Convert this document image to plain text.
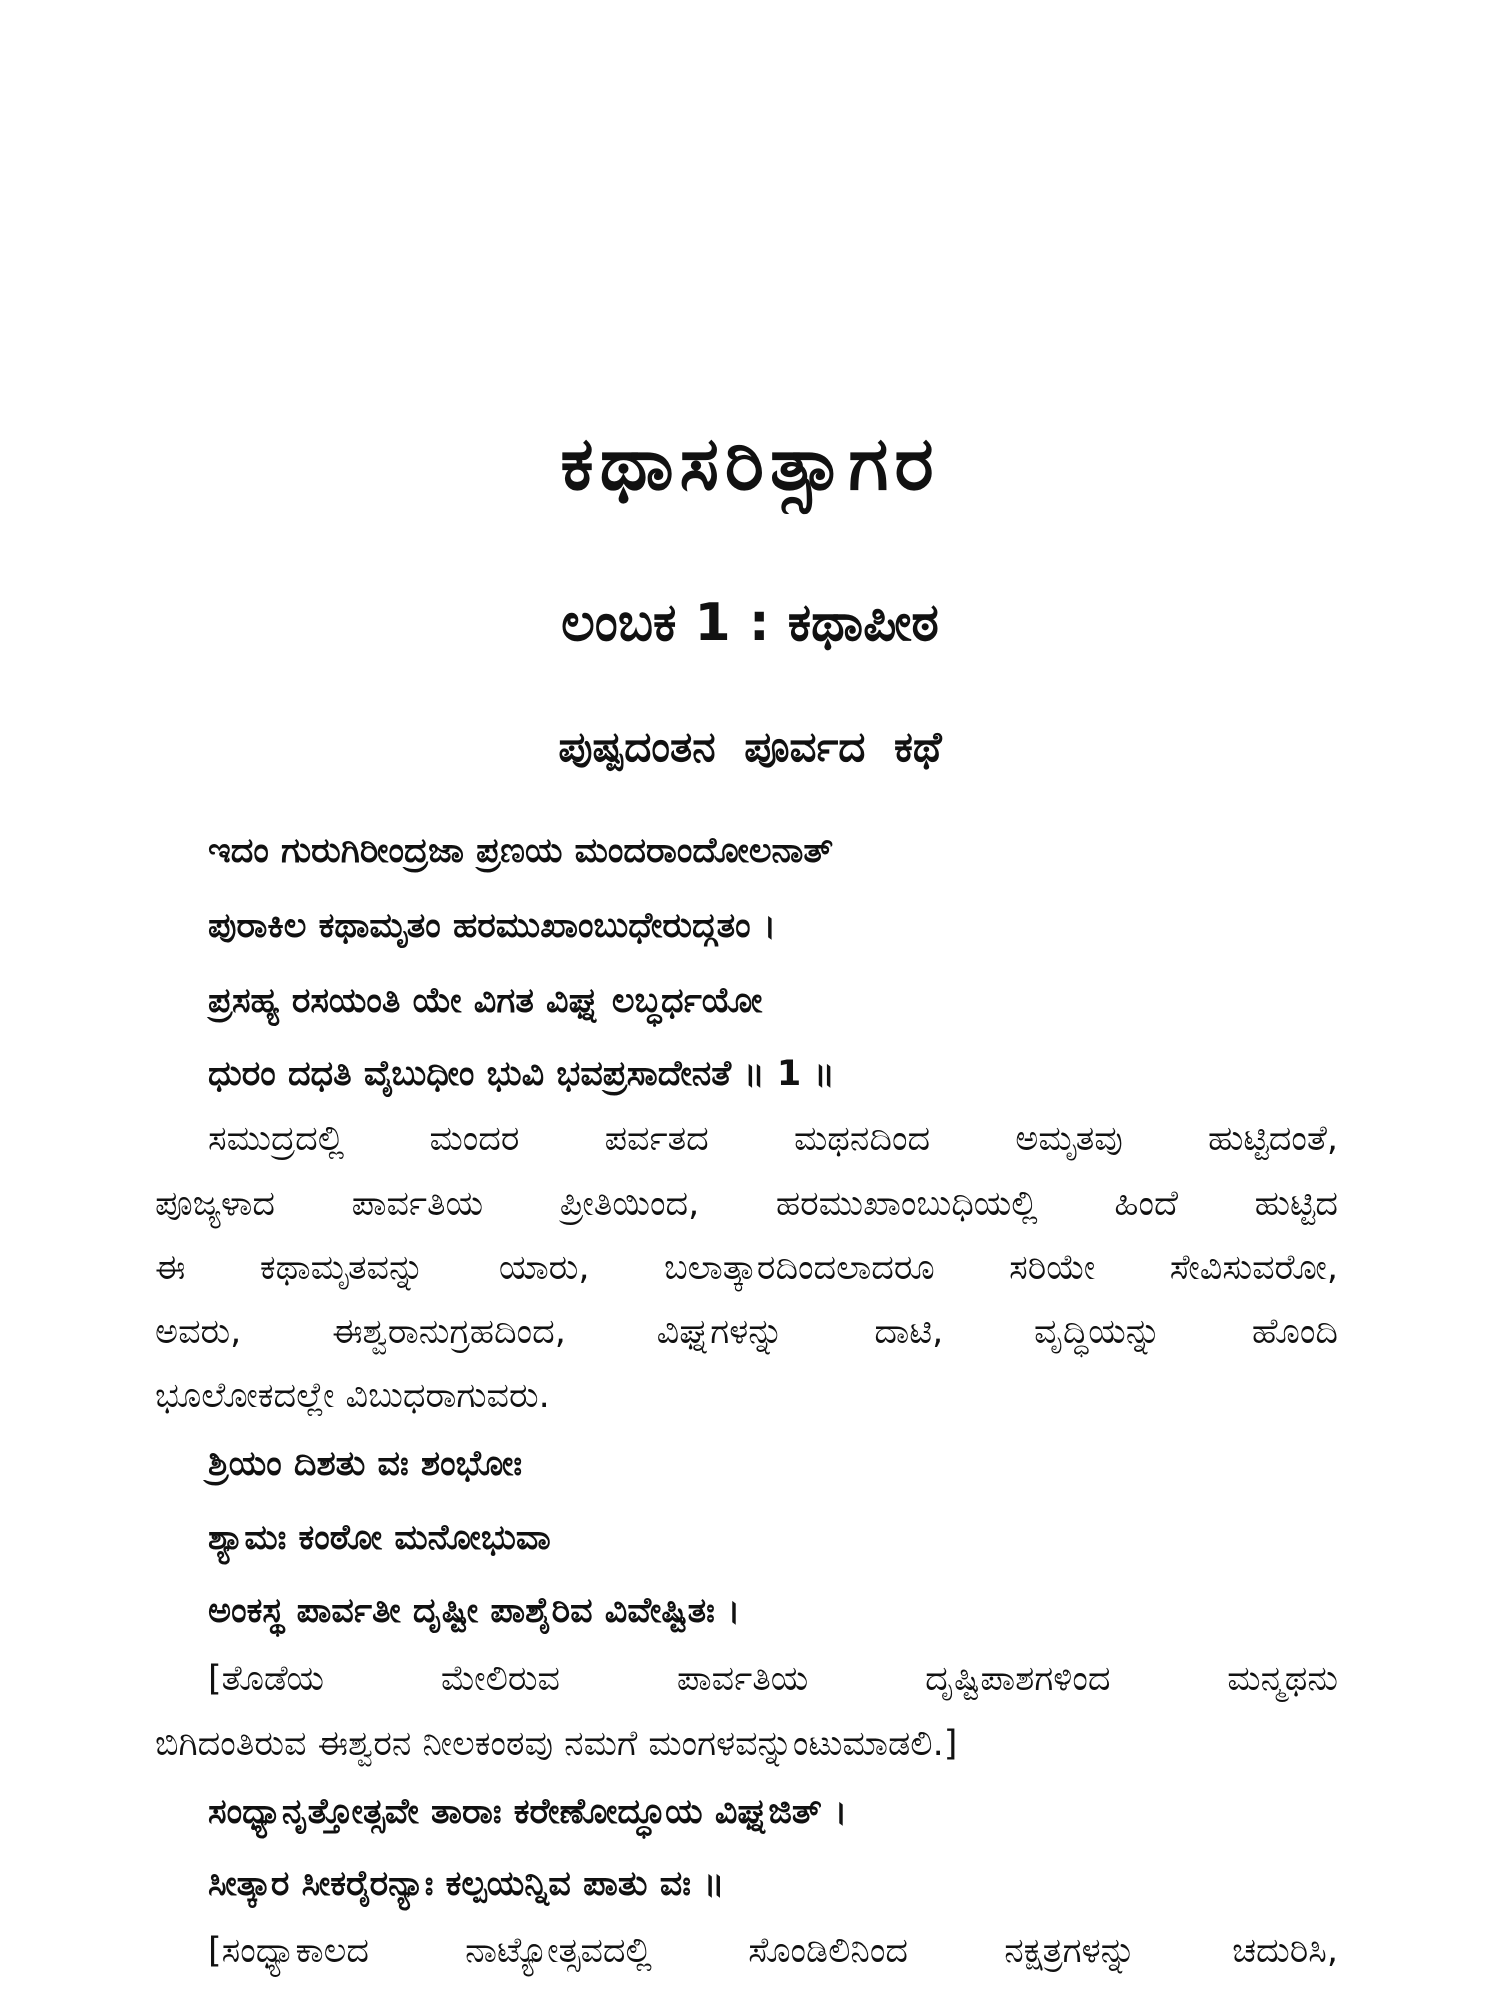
ಕಥಾಸರಿತ್ಸಾಗರ
ಲಂಬಕ 1 : ಕಥಾಪೀಠ
ಪುಷ್ಪದಂತನ ಪೂರ್ವದ ಕಥೆ
ಇದಂ ಗುರುಗಿರೀಂದ್ರಜಾ ಪ್ರಣಯ ಮಂದರಾಂದೋಲನಾತ್
ಪುರಾಕಿಲ ಕಥಾಮೃತಂ ಹರಮುಖಾಂಬುಧೇರುದ್ಗತಂ ।
ಪ್ರಸಹ್ಯ ರಸಯಂತಿ ಯೇ ವಿಗತ ವಿಘ್ನ ಲಬ್ಧರ್ಧಯೋ
ಧುರಂ ದಧತಿ ವೈಬುಧೀಂ ಭುವಿ ಭವಪ್ರಸಾದೇನತೆ ॥ 1 ॥
ಸಮುದ್ರದಲ್ಲಿ ಮಂದರ ಪರ್ವತದ ಮಥನದಿಂದ ಅಮೃತವು ಹುಟ್ಟಿದಂತೆ,
ಪೂಜ್ಯಳಾದ ಪಾರ್ವತಿಯ ಪ್ರೀತಿಯಿಂದ, ಹರಮುಖಾಂಬುಧಿಯಲ್ಲಿ ಹಿಂದೆ ಹುಟ್ಟಿದ
ಈ ಕಥಾಮೃತವನ್ನು ಯಾರು, ಬಲಾತ್ಕಾರದಿಂದಲಾದರೂ ಸರಿಯೇ ಸೇವಿಸುವರೋ,
ಅವರು, ಈಶ್ವರಾನುಗ್ರಹದಿಂದ, ವಿಘ್ನಗಳನ್ನು ದಾಟಿ, ವೃದ್ಧಿಯನ್ನು ಹೊಂದಿ
ಭೂಲೋಕದಲ್ಲೇ ವಿಬುಧರಾಗುವರು.
ಶ್ರಿಯಂ ದಿಶತು ವಃ ಶಂಭೋಃ
ಶ್ಯಾಮಃ ಕಂಠೋ ಮನೋಭುವಾ
ಅಂಕಸ್ಥ ಪಾರ್ವತೀ ದೃಷ್ಟೀ ಪಾಶೈರಿವ ವಿವೇಷ್ಟಿತಃ ।
[ತೊಡೆಯ ಮೇಲಿರುವ ಪಾರ್ವತಿಯ ದೃಷ್ಟಿಪಾಶಗಳಿಂದ ಮನ್ಮಥನು
ಬಿಗಿದಂತಿರುವ ಈಶ್ವರನ ನೀಲಕಂಠವು ನಮಗೆ ಮಂಗಳವನ್ನುಂಟುಮಾಡಲಿ.]
ಸಂಧ್ಯಾನೃತ್ತೋತ್ಸವೇ ತಾರಾಃ ಕರೇಣೋದ್ಧೂಯ ವಿಘ್ನಜಿತ್ ।
ಸೀತ್ಕಾರ ಸೀಕರೈರನ್ಯಾಃ ಕಲ್ಪಯನ್ನಿವ ಪಾತು ವಃ ॥
[ಸಂಧ್ಯಾಕಾಲದ ನಾಟ್ಯೋತ್ಸವದಲ್ಲಿ ಸೊಂಡಿಲಿನಿಂದ ನಕ್ಷತ್ರಗಳನ್ನು ಚದುರಿಸಿ,
